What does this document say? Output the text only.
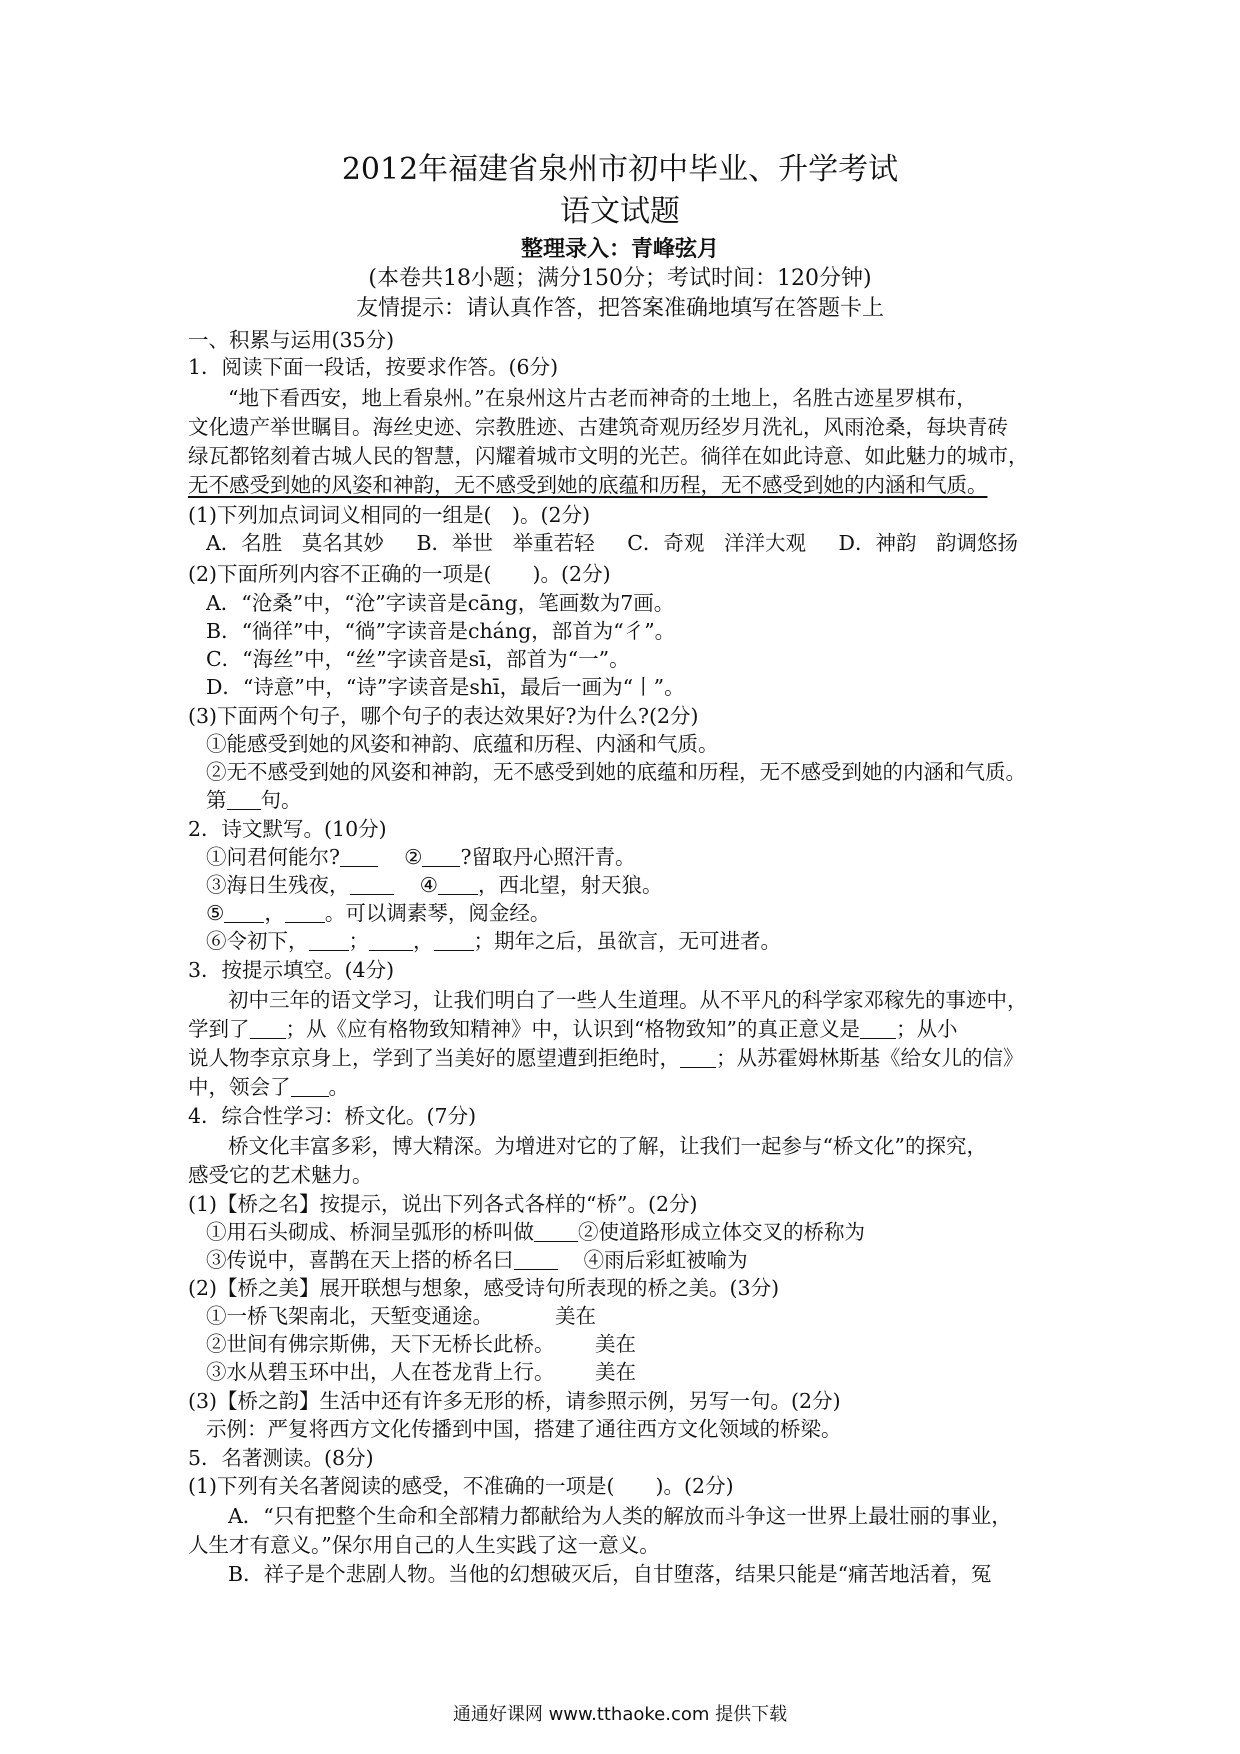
2012年福建省泉州市初中毕业、升学考试
语文试题
整理录入：青峰弦月
(本卷共18小题；满分150分；考试时间：120分钟)
友情提示：请认真作答，把答案准确地填写在答题卡上
一、积累与运用(35分)
1．阅读下面一段话，按要求作答。(6分)
“地下看西安，地上看泉州。”在泉州这片古老而神奇的土地上，名胜古迹星罗棋布，
文化遗产举世瞩目。海丝史迹、宗教胜迹、古建筑奇观历经岁月洗礼，风雨沧桑，每块青砖
绿瓦都铭刻着古城人民的智慧，闪耀着城市文明的光芒。徜徉在如此诗意、如此魅力的城市，
无不感受到她的风姿和神韵，无不感受到她的底蕴和历程，无不感受到她的内涵和气质。
(1)下列加点词词义相同的一组是(　)。(2分)
A．名胜 莫名其妙 B．举世 举重若轻 C．奇观 洋洋大观 D．神韵 韵调悠扬
(2)下面所列内容不正确的一项是(　　)。(2分)
A．“沧桑”中，“沧”字读音是cāng，笔画数为7画。
B．“徜徉”中，“徜”字读音是cháng，部首为“彳”。
C．“海丝”中，“丝”字读音是sī，部首为“一”。
D．“诗意”中，“诗”字读音是shī，最后一画为“丨”。
(3)下面两个句子，哪个句子的表达效果好?为什么?(2分)
①能感受到她的风姿和神韵、底蕴和历程、内涵和气质。
②无不感受到她的风姿和神韵，无不感受到她的底蕴和历程，无不感受到她的内涵和气质。
第 句。
2．诗文默写。(10分)
①问君何能尔?	② ?留取丹心照汗青。
③海日生残夜，	④ ，西北望，射天狼。
⑤ ， 。可以调素琴，阅金经。
⑥令初下， ； ， ；期年之后，虽欲言，无可进者。
3．按提示填空。(4分)
初中三年的语文学习，让我们明白了一些人生道理。从不平凡的科学家邓稼先的事迹中，
学到了 ；从《应有格物致知精神》中，认识到“格物致知”的真正意义是 ；从小
说人物李京京身上，学到了当美好的愿望遭到拒绝时， ；从苏霍姆林斯基《给女儿的信》
中，领会了 。
4．综合性学习：桥文化。(7分)
桥文化丰富多彩，博大精深。为增进对它的了解，让我们一起参与“桥文化”的探究，
感受它的艺术魅力。
(1)【桥之名】按提示，说出下列各式各样的“桥”。(2分)
①用石头砌成、桥洞呈弧形的桥叫做 ②使道路形成立体交叉的桥称为
③传说中，喜鹊在天上搭的桥名曰	④雨后彩虹被喻为
(2)【桥之美】展开联想与想象，感受诗句所表现的桥之美。(3分)
①一桥飞架南北，天堑变通途。	美在
②世间有佛宗斯佛，天下无桥长此桥。 美在
③水从碧玉环中出，人在苍龙背上行。 美在
(3)【桥之韵】生活中还有许多无形的桥，请参照示例，另写一句。(2分)
示例：严复将西方文化传播到中国，搭建了通往西方文化领域的桥梁。
5．名著测读。(8分)
(1)下列有关名著阅读的感受，不准确的一项是(　　)。(2分)
A．“只有把整个生命和全部精力都献给为人类的解放而斗争这一世界上最壮丽的事业，
人生才有意义。”保尔用自己的人生实践了这一意义。
B．祥子是个悲剧人物。当他的幻想破灭后，自甘堕落，结果只能是“痛苦地活着，冤
通通好课网 www.tthaoke.com 提供下载
